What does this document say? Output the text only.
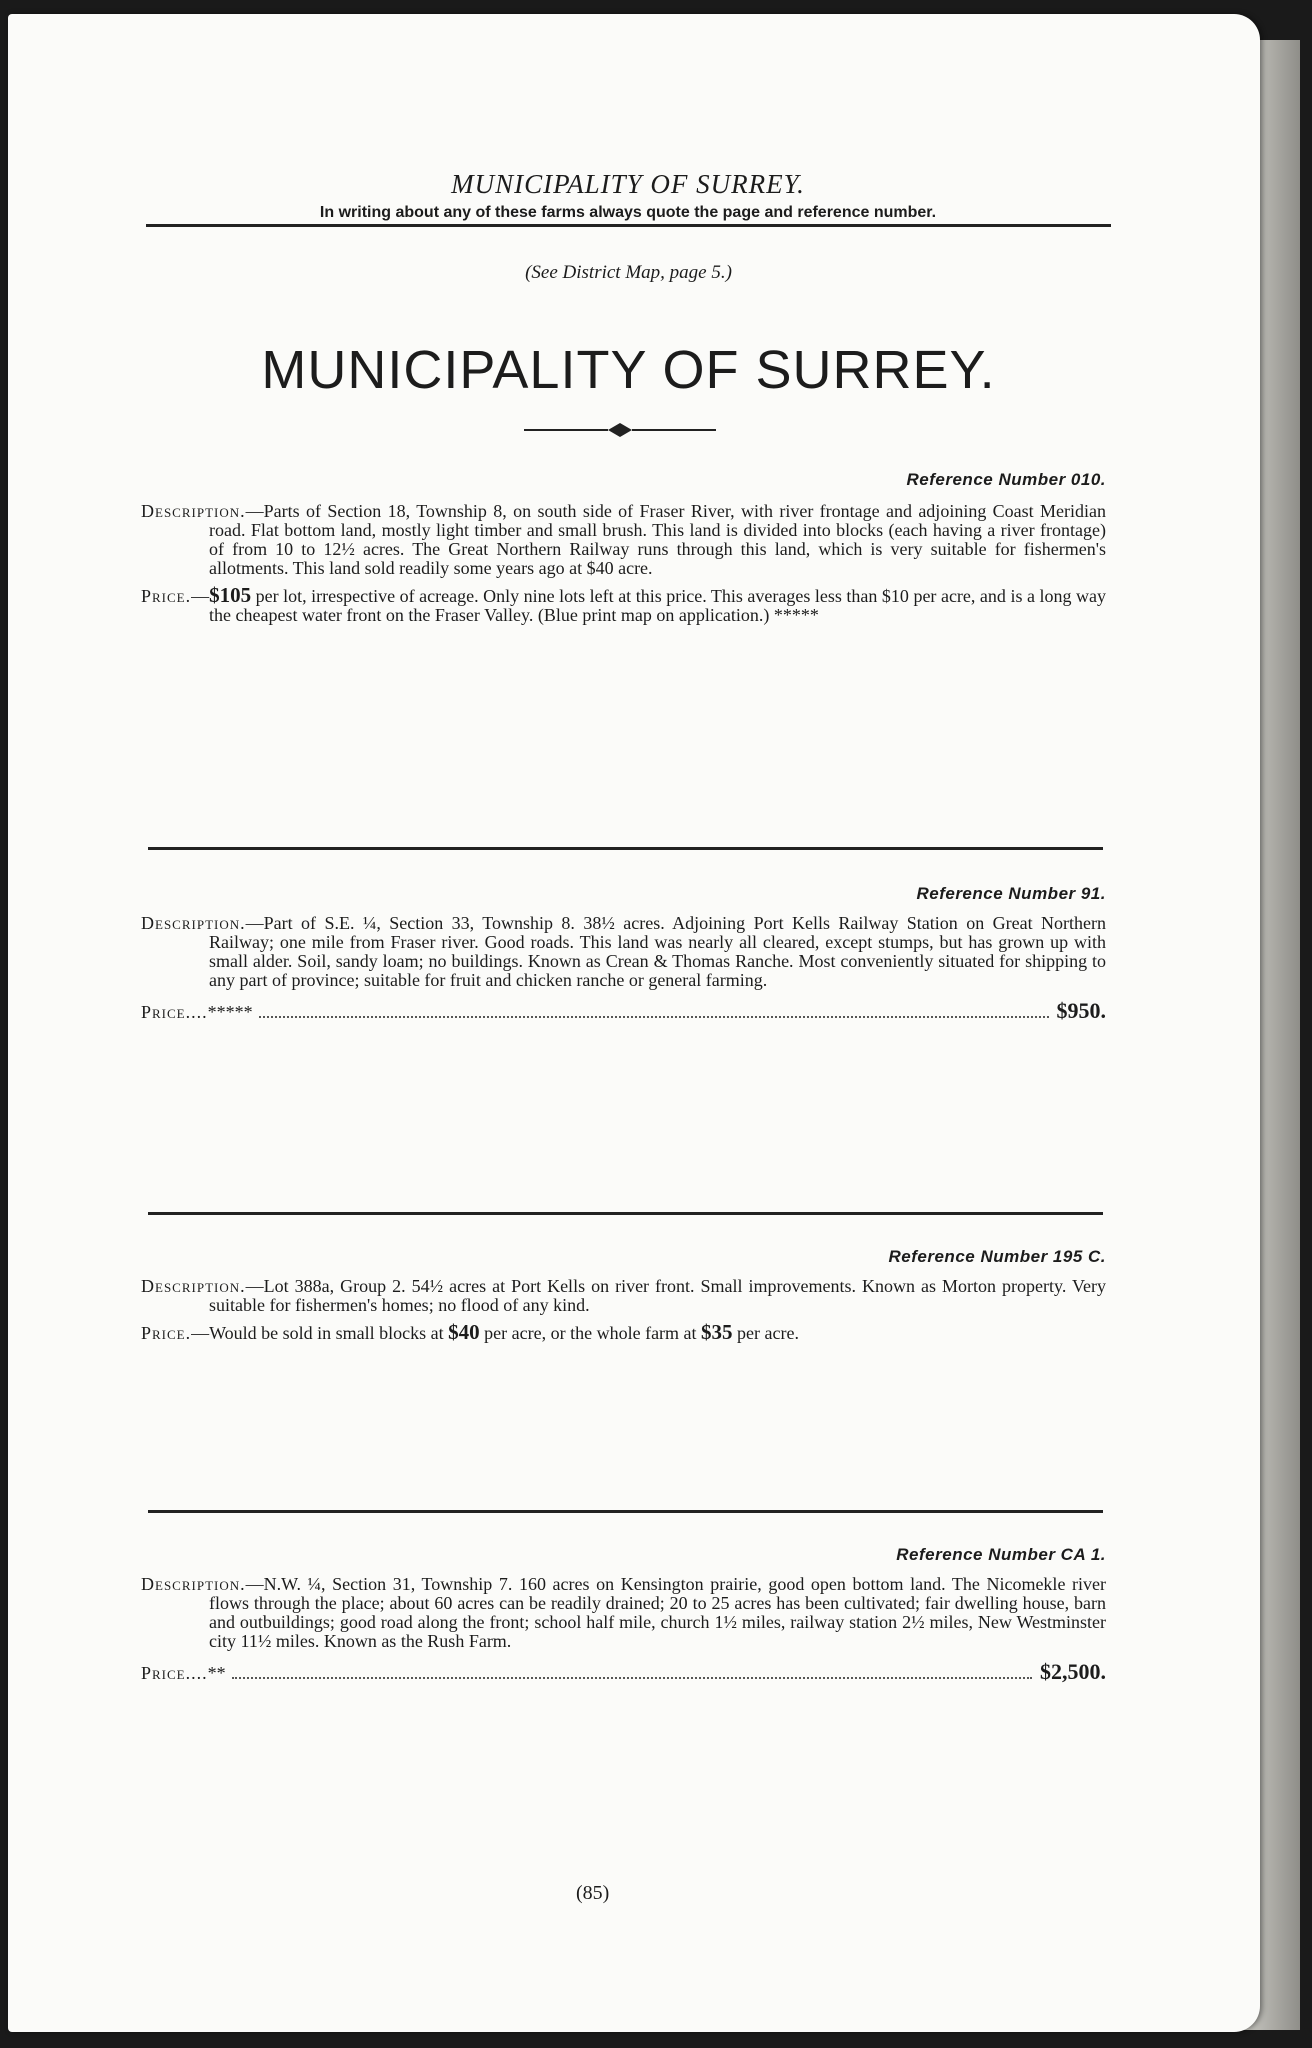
MUNICIPALITY OF SURREY.
In writing about any of these farms always quote the page and reference number.
(See District Map, page 5.)
MUNICIPALITY OF SURREY.
Reference Number 010.

Description.—Parts of Section 18, Township 8, on south side of Fraser River, with river frontage and adjoining Coast Meridian road. Flat bottom land, mostly light timber and small brush. This land is divided into blocks (each having a river frontage) of from 10 to 12½ acres. The Great Northern Railway runs through this land, which is very suitable for fishermen's allotments. This land sold readily some years ago at $40 acre.

Price.—$105 per lot, irrespective of acreage. Only nine lots left at this price. This averages less than $10 per acre, and is a long way the cheapest water front on the Fraser Valley. (Blue print map on application.) *****

Reference Number 91.

Description.—Part of S.E. ¼, Section 33, Township 8. 38½ acres. Adjoining Port Kells Railway Station on Great Northern Railway; one mile from Fraser river. Good roads. This land was nearly all cleared, except stumps, but has grown up with small alder. Soil, sandy loam; no buildings. Known as Crean & Thomas Ranche. Most conveniently situated for shipping to any part of province; suitable for fruit and chicken ranche or general farming.

Price.... *****	$950.
Reference Number 195 C.

Description.—Lot 388a, Group 2. 54½ acres at Port Kells on river front. Small improvements. Known as Morton property. Very suitable for fishermen's homes; no flood of any kind.

Price.—Would be sold in small blocks at $40 per acre, or the whole farm at $35 per acre.

Reference Number CA 1.

Description.—N.W. ¼, Section 31, Township 7. 160 acres on Kensington prairie, good open bottom land. The Nicomekle river flows through the place; about 60 acres can be readily drained; 20 to 25 acres has been cultivated; fair dwelling house, barn and outbuildings; good road along the front; school half mile, church 1½ miles, railway station 2½ miles, New Westminster city 11½ miles. Known as the Rush Farm.

Price.... **	$2,500.
(85)
